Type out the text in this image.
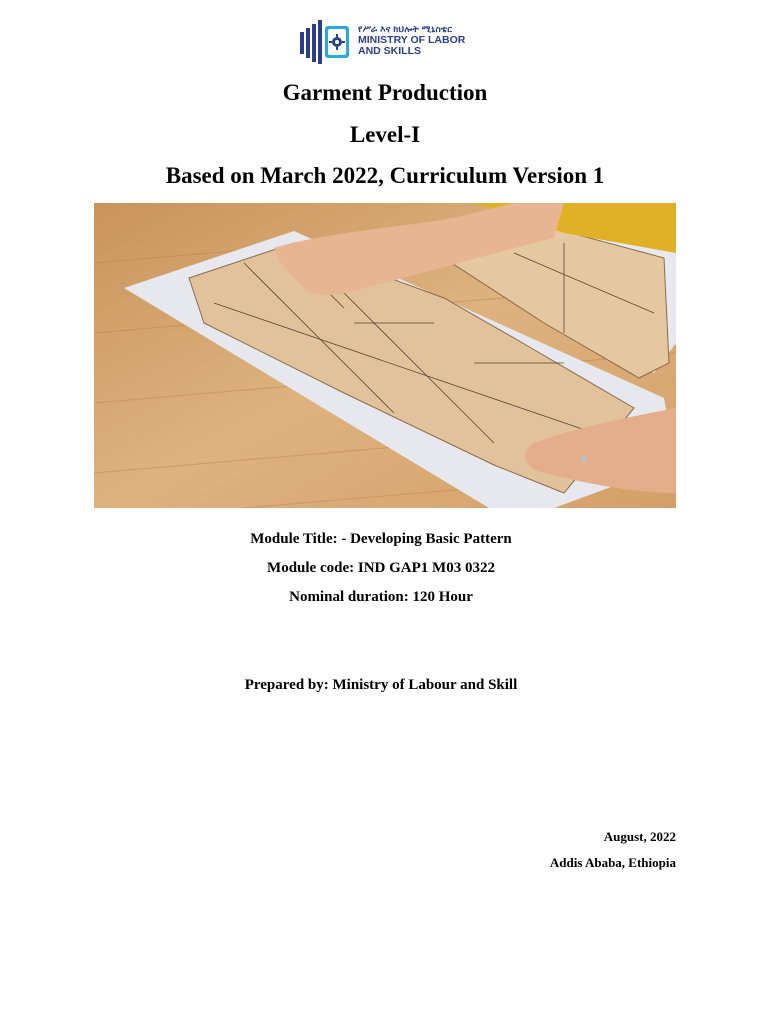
የሥራ እና ክህሎት ሚኒስቴር
MINISTRY OF LABOR
AND SKILLS
Garment Production
Level-I
Based on March 2022, Curriculum Version 1
Module Title: - Developing Basic Pattern
Module code: IND GAP1 M03 0322
Nominal duration: 120 Hour
Prepared by: Ministry of Labour and Skill
August, 2022
Addis Ababa, Ethiopia
